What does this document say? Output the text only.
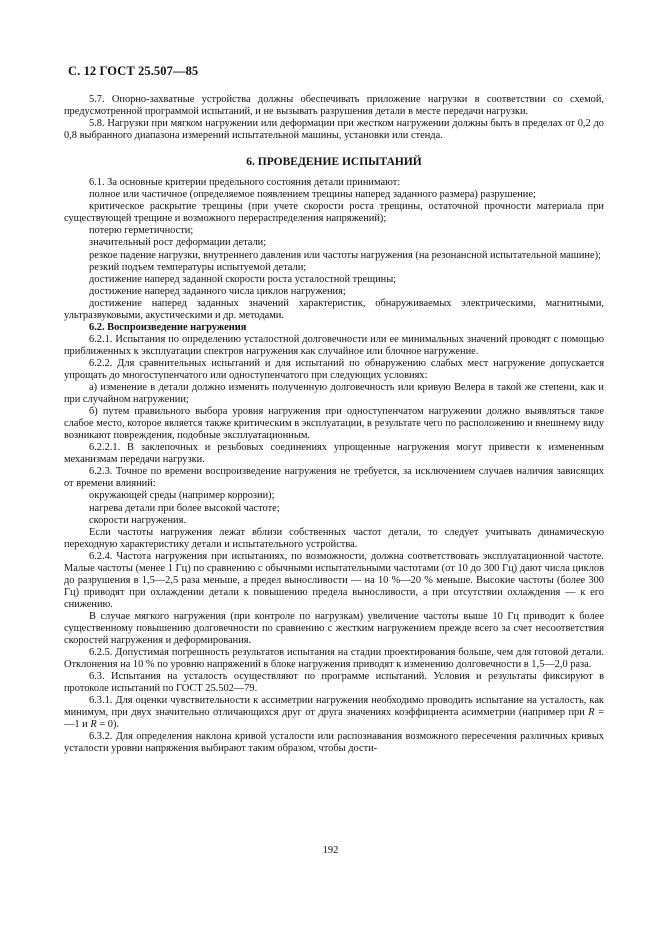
С. 12 ГОСТ 25.507—85

5.7. Опорно-захватные устройства должны обеспечивать приложение нагрузки в соответствии со схемой, предусмотренной программой испытаний, и не вызывать разрушения детали в месте передачи нагрузки.

5.8. Нагрузки при мягком нагружении или деформации при жестком нагружении должны быть в пределах от 0,2 до 0,8 выбранного диапазона измерений испытательной машины, установки или стенда.

6. ПРОВЕДЕНИЕ ИСПЫТАНИЙ

6.1. За основные критерии предельного состояния детали принимают:

полное или частичное (определяемое появлением трещины наперед заданного размера) разрушение;

критическое раскрытие трещины (при учете скорости роста трещины, остаточной прочности материала при существующей трещине и возможного перераспределения напряжений);

потерю герметичности;

значительный рост деформации детали;

резкое падение нагрузки, внутреннего давления или частоты нагружения (на резонансной испытательной машине);

резкий подъем температуры испытуемой детали;

достижение наперед заданной скорости роста усталостной трещины;

достижение наперед заданного числа циклов нагружения;

достижение наперед заданных значений характеристик, обнаруживаемых электрическими, магнитными, ультразвуковыми, акустическими и др. методами.

6.2. Воспроизведение нагружения

6.2.1. Испытания по определению усталостной долговечности или ее минимальных значений проводят с помощью приближенных к эксплуатации спектров нагружения как случайное или блочное нагружение.

6.2.2. Для сравнительных испытаний и для испытаний по обнаружению слабых мест нагружение допускается упрощать до многоступенчатого или одноступенчатого при следующих условиях:

а) изменение в детали должно изменять полученную долговечность или кривую Велера в такой же степени, как и при случайном нагружении;

б) путем правильного выбора уровня нагружения при одноступенчатом нагружении должно выявляться такое слабое место, которое является также критическим в эксплуатации, в результате чего по расположению и внешнему виду возникают повреждения, подобные эксплуатационным.

6.2.2.1. В заклепочных и резьбовых соединениях упрощенные нагружения могут привести к измененным механизмам передачи нагрузки.

6.2.3. Точное по времени воспроизведение нагружения не требуется, за исключением случаев наличия зависящих от времени влияний:

окружающей среды (например коррозии);

нагрева детали при более высокой частоте;

скорости нагружения.

Если частоты нагружения лежат вблизи собственных частот детали, то следует учитывать динамическую переходную характеристику детали и испытательного устройства.

6.2.4. Частота нагружения при испытаниях, по возможности, должна соответствовать эксплуатационной частоте. Малые частоты (менее 1 Гц) по сравнению с обычными испытательными частотами (от 10 до 300 Гц) дают числа циклов до разрушения в 1,5—2,5 раза меньше, а предел выносливости — на 10 %—20 % меньше. Высокие частоты (более 300 Гц) приводят при охлаждении детали к повышению предела выносливости, а при отсутствии охлаждения — к его снижению.

В случае мягкого нагружения (при контроле по нагрузкам) увеличение частоты выше 10 Гц приводит к более существенному повышению долговечности по сравнению с жестким нагружением прежде всего за счет несоответствия скоростей нагружения и деформирования.

6.2.5. Допустимая погрешность результатов испытания на стадии проектирования больше, чем для готовой детали. Отклонения на 10 % по уровню напряжений в блоке нагружения приводят к изменению долговечности в 1,5—2,0 раза.

6.3. Испытания на усталость осуществляют по программе испытаний. Условия и результаты фиксируют в протоколе испытаний по ГОСТ 25.502—79.

6.3.1. Для оценки чувствительности к ассиметрии нагружения необходимо проводить испытание на усталость, как минимум, при двух значительно отличающихся друг от друга значениях коэффициента асимметрии (например при R = —1 и R = 0).

6.3.2. Для определения наклона кривой усталости или распознавания возможного пересечения различных кривых усталости уровни напряжения выбирают таким образом, чтобы дости-

192
